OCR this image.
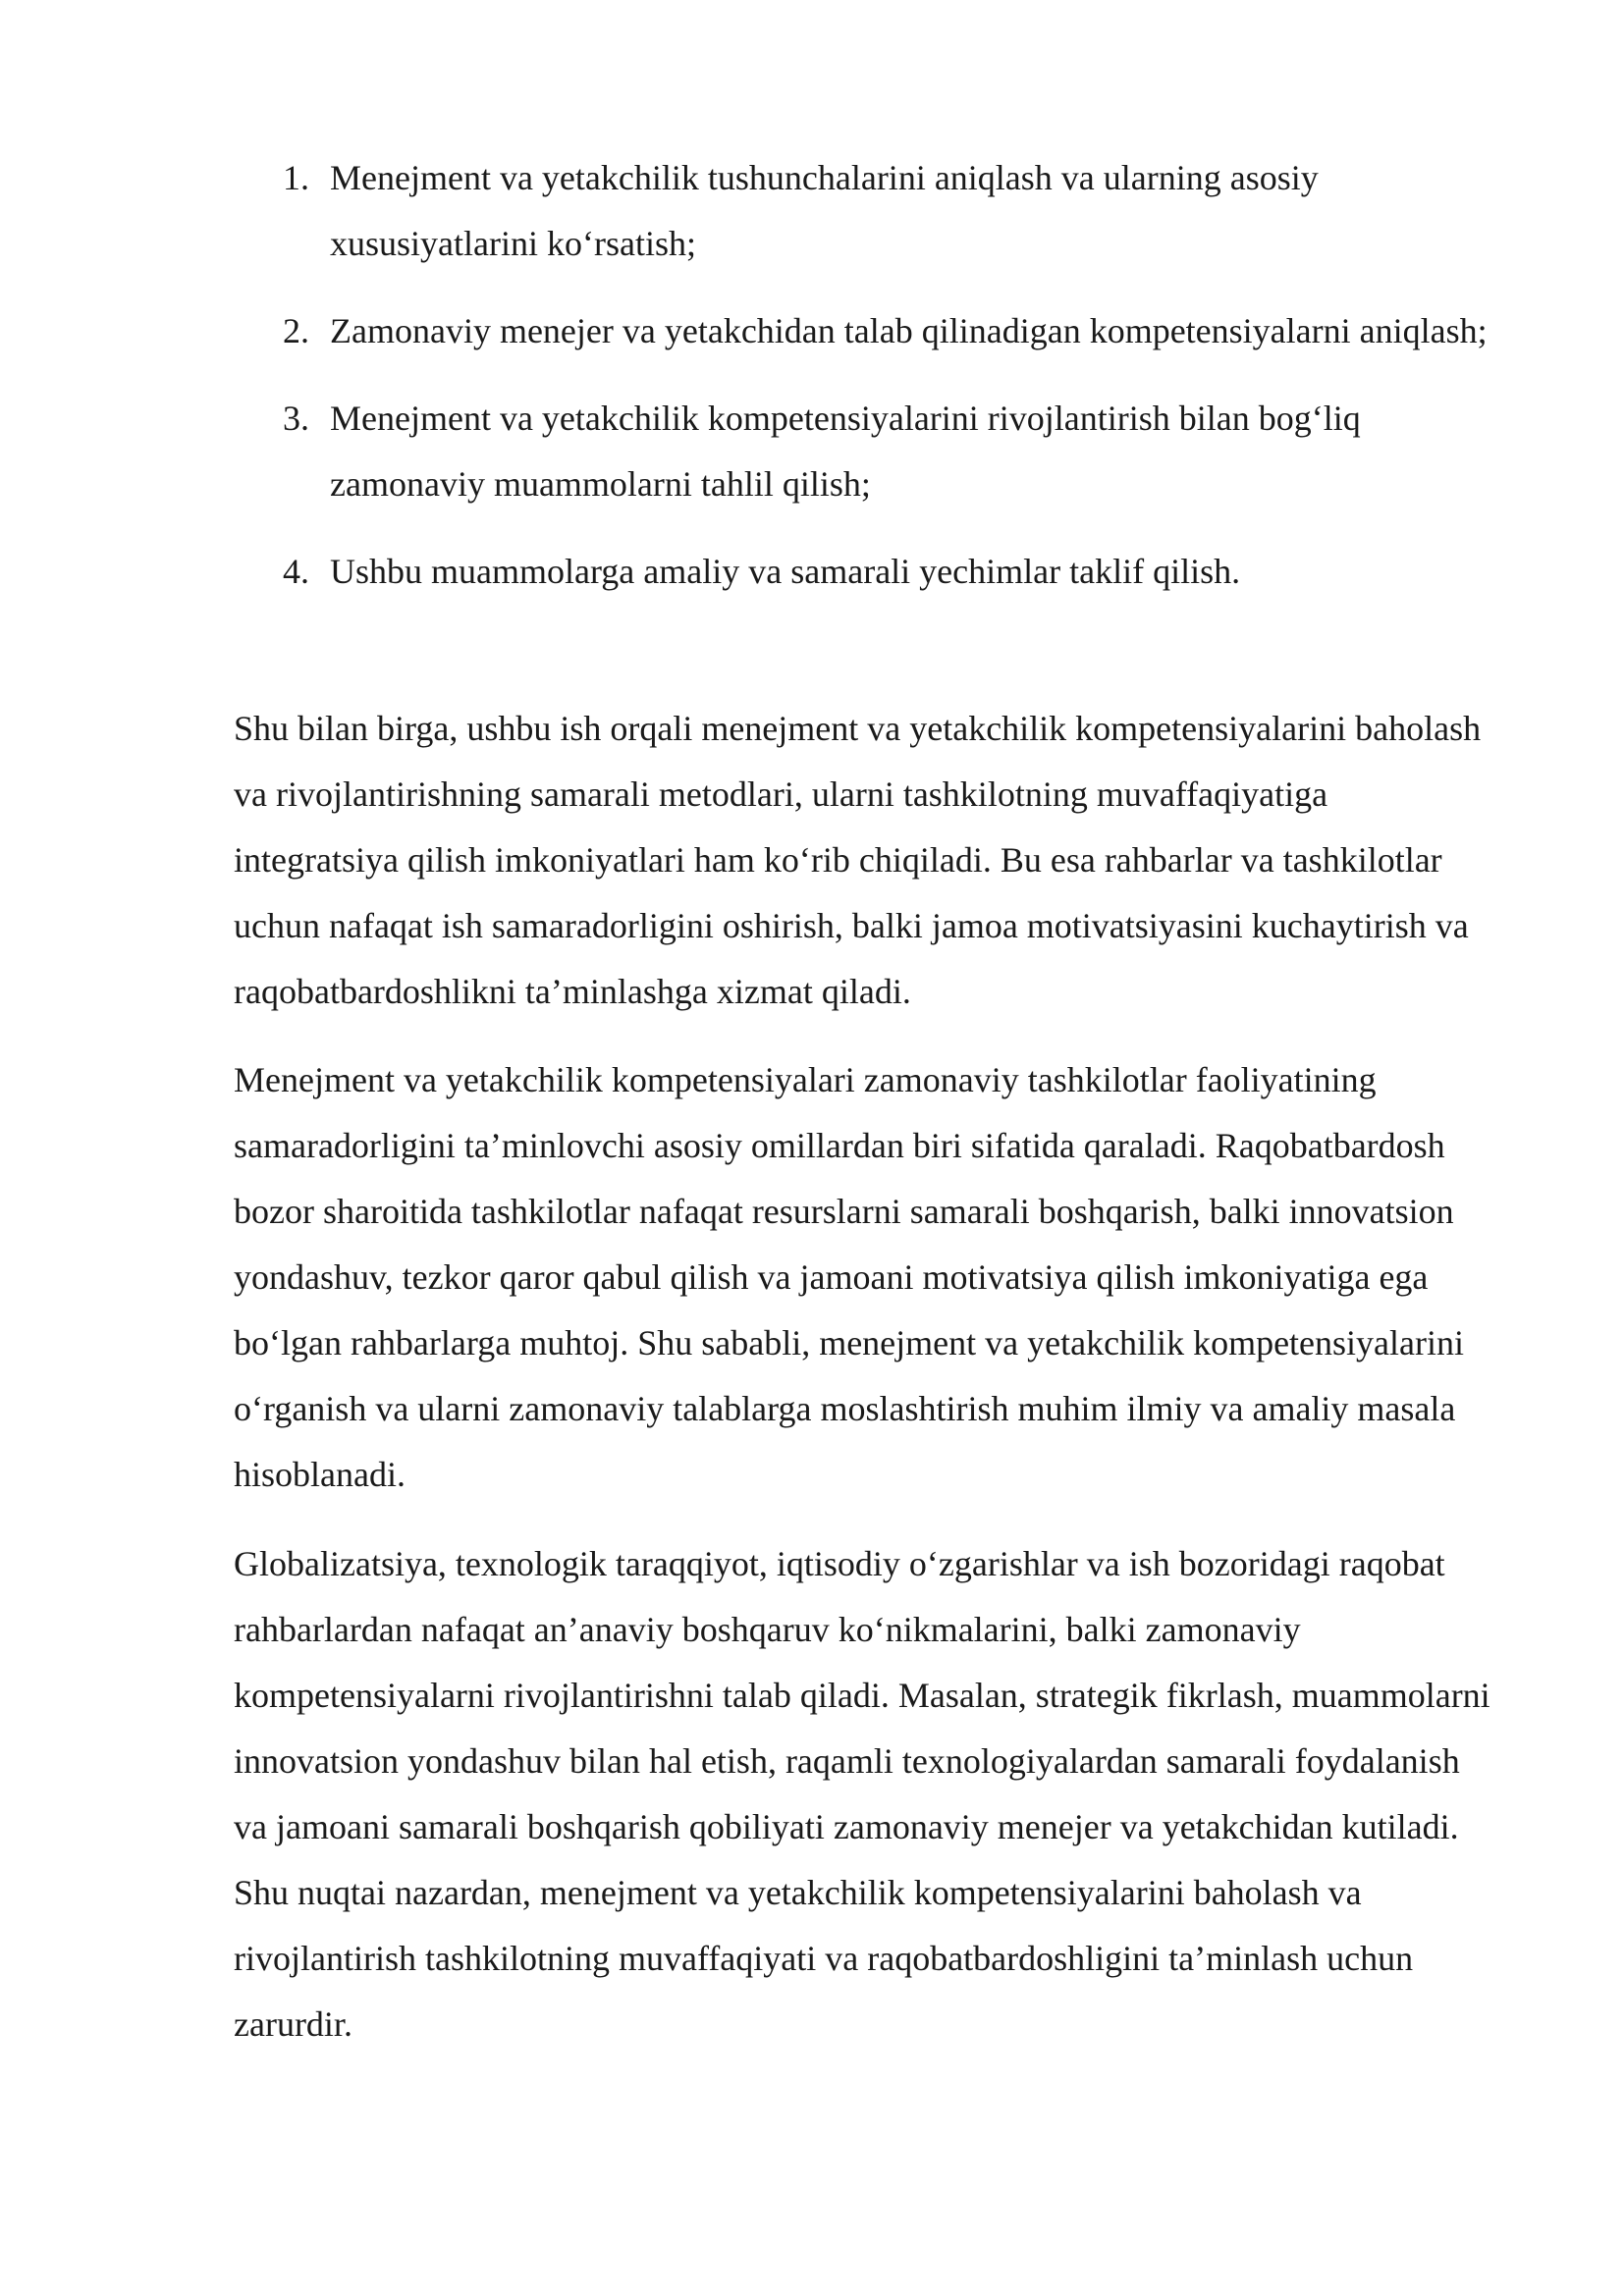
1. Menejment va yetakchilik tushunchalarini aniqlash va ularning asosiy xususiyatlarini ko‘rsatish;
2. Zamonaviy menejer va yetakchidan talab qilinadigan kompetensiyalarni aniqlash;
3. Menejment va yetakchilik kompetensiyalarini rivojlantirish bilan bog‘liq zamonaviy muammolarni tahlil qilish;
4. Ushbu muammolarga amaliy va samarali yechimlar taklif qilish.

Shu bilan birga, ushbu ish orqali menejment va yetakchilik kompetensiyalarini baholash va rivojlantirishning samarali metodlari, ularni tashkilotning muvaffaqiyatiga integratsiya qilish imkoniyatlari ham ko‘rib chiqiladi. Bu esa rahbarlar va tashkilotlar uchun nafaqat ish samaradorligini oshirish, balki jamoa motivatsiyasini kuchaytirish va raqobatbardoshlikni ta’minlashga xizmat qiladi.

Menejment va yetakchilik kompetensiyalari zamonaviy tashkilotlar faoliyatining samaradorligini ta’minlovchi asosiy omillardan biri sifatida qaraladi. Raqobatbardosh bozor sharoitida tashkilotlar nafaqat resurslarni samarali boshqarish, balki innovatsion yondashuv, tezkor qaror qabul qilish va jamoani motivatsiya qilish imkoniyatiga ega bo‘lgan rahbarlarga muhtoj. Shu sababli, menejment va yetakchilik kompetensiyalarini o‘rganish va ularni zamonaviy talablarga moslashtirish muhim ilmiy va amaliy masala hisoblanadi.

Globalizatsiya, texnologik taraqqiyot, iqtisodiy o‘zgarishlar va ish bozoridagi raqobat rahbarlardan nafaqat an’anaviy boshqaruv ko‘nikmalarini, balki zamonaviy kompetensiyalarni rivojlantirishni talab qiladi. Masalan, strategik fikrlash, muammolarni innovatsion yondashuv bilan hal etish, raqamli texnologiyalardan samarali foydalanish va jamoani samarali boshqarish qobiliyati zamonaviy menejer va yetakchidan kutiladi. Shu nuqtai nazardan, menejment va yetakchilik kompetensiyalarini baholash va rivojlantirish tashkilotning muvaffaqiyati va raqobatbardoshligini ta’minlash uchun zarurdir.
